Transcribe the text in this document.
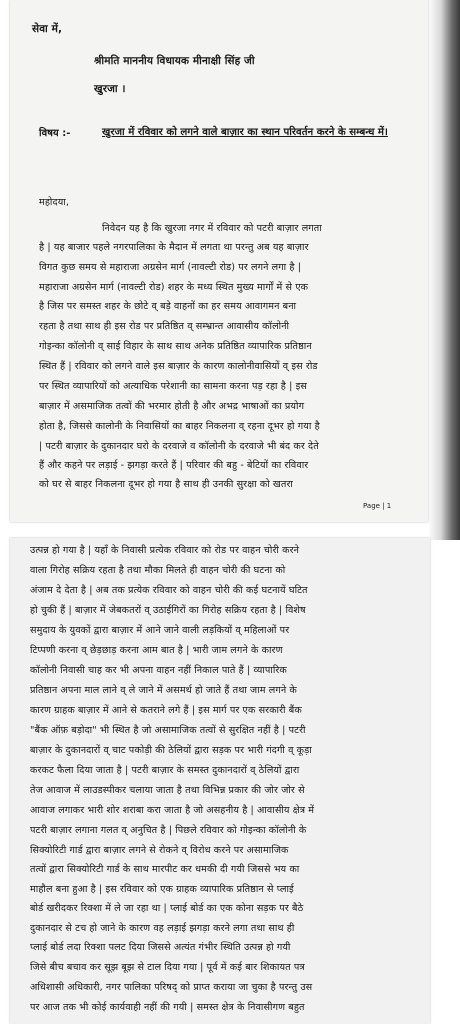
सेवा में,
श्रीमति माननीय विधायक मीनाक्षी सिंह जी
खुरजा ।
विषय :-	खुरजा में रविवार को लगने वाले बाज़ार का स्थान परिवर्तन करने के सम्बन्ध में।
महोदया,
निवेदन यह है कि खुरजा नगर में रविवार को पटरी बाज़ार लगता
है | यह बाजार पहले नगरपालिका के मैदान में लगता था परन्तु अब यह बाज़ार
विगत कुछ समय से महाराजा अग्रसेन मार्ग (नावल्टी रोड) पर लगने लगा है |
महाराजा अग्रसेन मार्ग (नावल्टी रोड) शहर के मध्य स्थित मुख्य मार्गों में से एक
है जिस पर समस्त शहर के छोटे व् बड़े वाहनों का हर समय आवागमन बना
रहता है तथा साथ ही इस रोड पर प्रतिष्ठित व् सम्भ्रान्त आवासीय कॉलोनी
गोइन्का कॉलोनी व् साई विहार के साथ साथ अनेक प्रतिष्ठित व्यापारिक प्रतिष्ठान
स्थित हैं | रविवार को लगने वाले इस बाज़ार के कारण कालोनीवासियों व् इस रोड
पर स्थित व्यापारियों को अत्याधिक परेशानी का सामना करना पड़ रहा है | इस
बाज़ार में असमाजिक तत्वों की भरमार होती है और अभद्र भाषाओं का प्रयोग
होता है, जिससे कालोनी के निवासियों का बाहर निकलना व् रहना दूभर हो गया है
| पटरी बाज़ार के दुकानदार घरो के दरवाजे व कॉलोनी के दरवाजे भी बंद कर देते
हैं और कहने पर लड़ाई - झगड़ा करते हैं | परिवार की बहु - बेटियों का रविवार
को घर से बाहर निकलना दूभर हो गया है साथ ही उनकी सुरक्षा को खतरा
Page | 1
उत्पन्न हो गया है | यहाँ के निवासी प्रत्येक रविवार को रोड पर वाहन चोरी करने
वाला गिरोह सक्रिय रहता है तथा मौका मिलते ही वाहन चोरी की घटना को
अंजाम दे देता है | अब तक प्रत्येक रविवार को वाहन चोरी की कई घटनायें घटित
हो चुकी हैं | बाज़ार में जेबकतरों व् उठाईगिरों का गिरोह सक्रिय रहता है | विशेष
समुदाय के युवकों द्वारा बाज़ार में आने जाने वाली लड़कियों व् महिलाओं पर
टिप्पणी करना व् छेड़छाड़ करना आम बात है | भारी जाम लगने के कारण
कॉलोनी निवासी चाह कर भी अपना वाहन नहीं निकाल पाते हैं | व्यापारिक
प्रतिष्ठान अपना माल लाने व् ले जाने में असमर्थ हो जाते हैं तथा जाम लगने के
कारण ग्राहक बाज़ार में आने से कतराने लगे हैं | इस मार्ग पर एक सरकारी बैंक
"बैंक ऑफ़ बड़ोदा" भी स्थित है जो असामाजिक तत्वों से सुरक्षित नहीं है | पटरी
बाज़ार के दुकानदारों व् चाट पकोड़ी की ठेलियों द्वारा सड़क पर भारी गंदगी व् कूड़ा
करकट फैला दिया जाता है | पटरी बाज़ार के समस्त दुकानदारों व् ठेलियों द्वारा
तेज आवाज में लाउडस्पीकर चलाया जाता है तथा विभिन्न प्रकार की जोर जोर से
आवाज लगाकर भारी शोर शराबा करा जाता है जो असहनीय है | आवासीय क्षेत्र में
पटरी बाज़ार लगाना गलत व् अनुचित है | पिछले रविवार को गोइन्का कॉलोनी के
सिक्योरिटी गार्ड द्वारा बाज़ार लगने से रोकने व् विरोध करने पर असामाजिक
तत्वों द्वारा सिक्योरिटी गार्ड के साथ मारपीट कर धमकी दी गयी जिससे भय का
माहौल बना हुआ है | इस रविवार को एक ग्राहक व्यापारिक प्रतिष्ठान से प्लाई
बोर्ड खरीदकर रिक्शा में ले जा रहा था | प्लाई बोर्ड का एक कोना सड़क पर बैठे
दुकानदार से टच हो जाने के कारण वह लड़ाई झगड़ा करने लगा तथा साथ ही
प्लाई बोर्ड लदा रिक्शा पलट दिया जिससे अत्यंत गंभीर स्थिति उत्पन्न हो गयी
जिसे बीच बचाव कर सूझ बूझ से टाल दिया गया | पूर्व में कई बार शिकायत पत्र
अधिशासी अधिकारी, नगर पालिका परिषद् को प्राप्त कराया जा चुका है परन्तु उस
पर आज तक भी कोई कार्यवाही नहीं की गयी | समस्त क्षेत्र के निवासीगण बहुत
